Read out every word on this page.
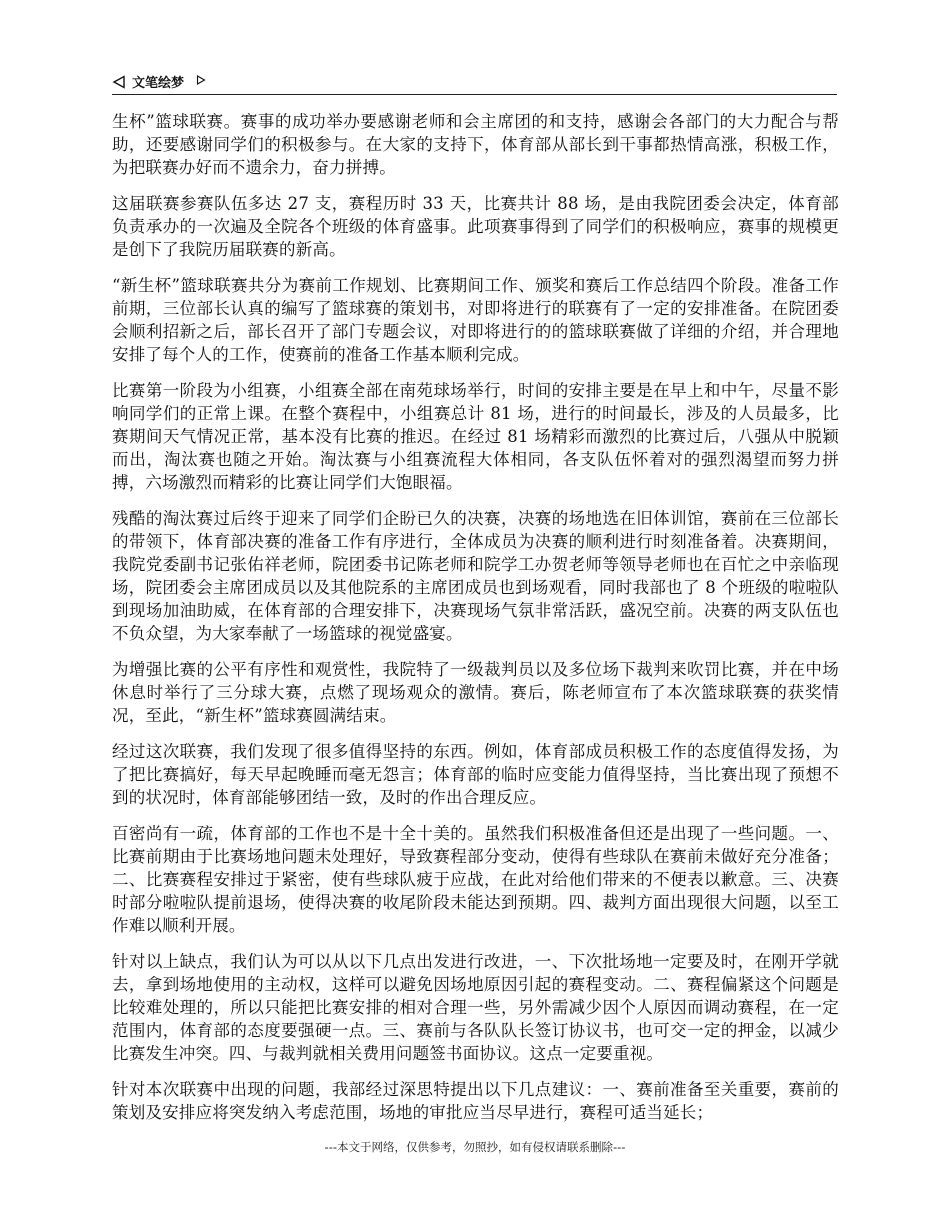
文笔绘梦

生杯”篮球联赛。赛事的成功举办要感谢老师和会主席团的和支持，感谢会各部门的大力配合与帮助，还要感谢同学们的积极参与。在大家的支持下，体育部从部长到干事都热情高涨，积极工作，为把联赛办好而不遗余力，奋力拼搏。

这届联赛参赛队伍多达 27 支，赛程历时 33 天，比赛共计 88 场，是由我院团委会决定，体育部负责承办的一次遍及全院各个班级的体育盛事。此项赛事得到了同学们的积极响应，赛事的规模更是创下了我院历届联赛的新高。

“新生杯”篮球联赛共分为赛前工作规划、比赛期间工作、颁奖和赛后工作总结四个阶段。准备工作前期，三位部长认真的编写了篮球赛的策划书，对即将进行的联赛有了一定的安排准备。在院团委会顺利招新之后，部长召开了部门专题会议，对即将进行的的篮球联赛做了详细的介绍，并合理地安排了每个人的工作，使赛前的准备工作基本顺利完成。

比赛第一阶段为小组赛，小组赛全部在南苑球场举行，时间的安排主要是在早上和中午，尽量不影响同学们的正常上课。在整个赛程中，小组赛总计 81 场，进行的时间最长，涉及的人员最多，比赛期间天气情况正常，基本没有比赛的推迟。在经过 81 场精彩而激烈的比赛过后，八强从中脱颖而出，淘汰赛也随之开始。淘汰赛与小组赛流程大体相同，各支队伍怀着对的强烈渴望而努力拼搏，六场激烈而精彩的比赛让同学们大饱眼福。

残酷的淘汰赛过后终于迎来了同学们企盼已久的决赛，决赛的场地选在旧体训馆，赛前在三位部长的带领下，体育部决赛的准备工作有序进行，全体成员为决赛的顺利进行时刻准备着。决赛期间，我院党委副书记张佑祥老师，院团委书记陈老师和院学工办贺老师等领导老师也在百忙之中亲临现场，院团委会主席团成员以及其他院系的主席团成员也到场观看，同时我部也了 8 个班级的啦啦队到现场加油助威，在体育部的合理安排下，决赛现场气氛非常活跃，盛况空前。决赛的两支队伍也不负众望，为大家奉献了一场篮球的视觉盛宴。

为增强比赛的公平有序性和观赏性，我院特了一级裁判员以及多位场下裁判来吹罚比赛，并在中场休息时举行了三分球大赛，点燃了现场观众的激情。赛后，陈老师宣布了本次篮球联赛的获奖情况，至此，“新生杯”篮球赛圆满结束。

经过这次联赛，我们发现了很多值得坚持的东西。例如，体育部成员积极工作的态度值得发扬，为了把比赛搞好，每天早起晚睡而毫无怨言；体育部的临时应变能力值得坚持，当比赛出现了预想不到的状况时，体育部能够团结一致，及时的作出合理反应。

百密尚有一疏，体育部的工作也不是十全十美的。虽然我们积极准备但还是出现了一些问题。一、比赛前期由于比赛场地问题未处理好，导致赛程部分变动，使得有些球队在赛前未做好充分准备；二、比赛赛程安排过于紧密，使有些球队疲于应战，在此对给他们带来的不便表以歉意。三、决赛时部分啦啦队提前退场，使得决赛的收尾阶段未能达到预期。四、裁判方面出现很大问题，以至工作难以顺利开展。

针对以上缺点，我们认为可以从以下几点出发进行改进，一、下次批场地一定要及时，在刚开学就去，拿到场地使用的主动权，这样可以避免因场地原因引起的赛程变动。二、赛程偏紧这个问题是比较难处理的，所以只能把比赛安排的相对合理一些，另外需减少因个人原因而调动赛程，在一定范围内，体育部的态度要强硬一点。三、赛前与各队队长签订协议书，也可交一定的押金，以减少比赛发生冲突。四、与裁判就相关费用问题签书面协议。这点一定要重视。

针对本次联赛中出现的问题，我部经过深思特提出以下几点建议：一、赛前准备至关重要，赛前的策划及安排应将突发纳入考虑范围，场地的审批应当尽早进行，赛程可适当延长；

---本文于网络，仅供参考，勿照抄，如有侵权请联系删除---
